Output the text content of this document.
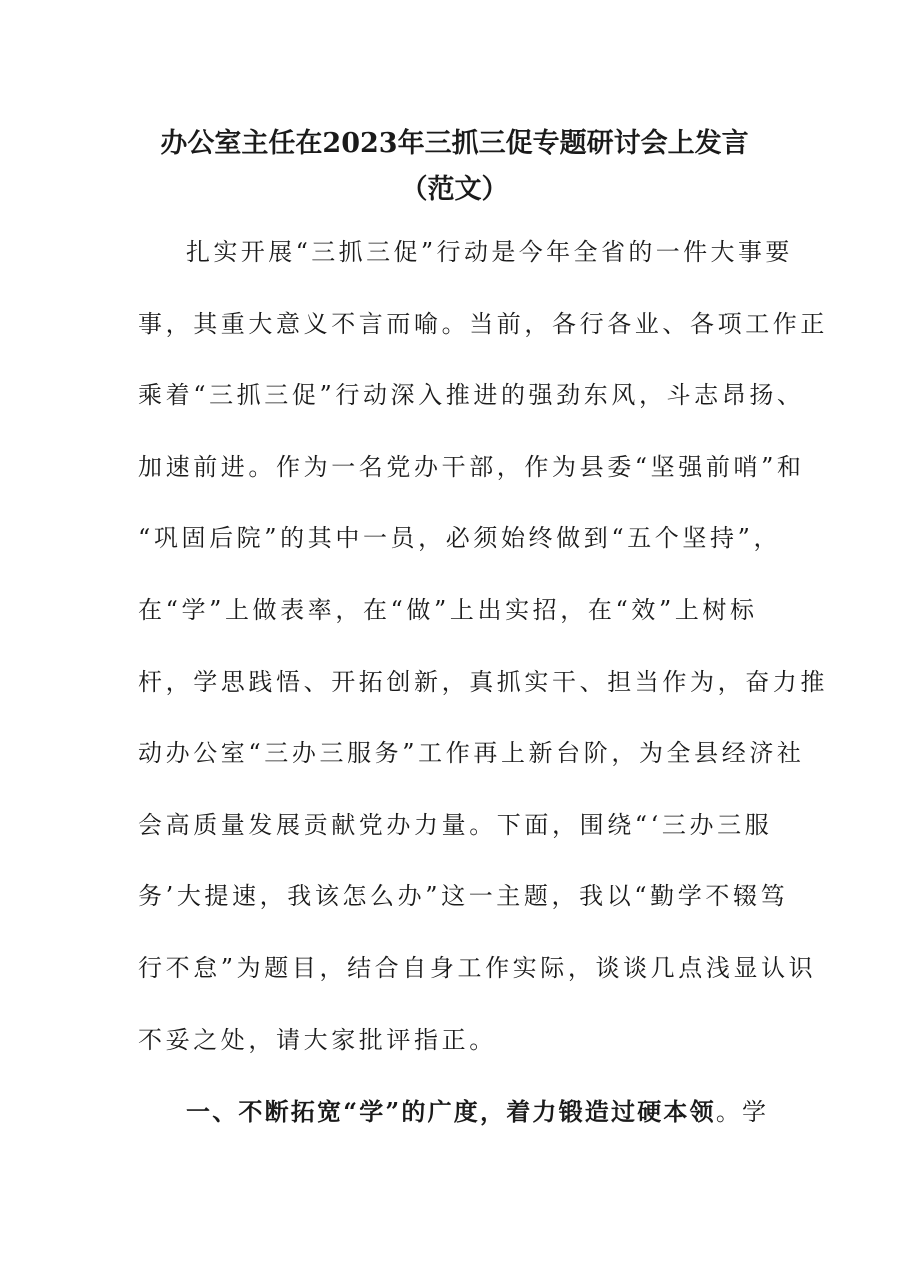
办公室主任在2023年三抓三促专题研讨会上发言
（范文）
扎实开展“三抓三促”行动是今年全省的一件大事要
事，其重大意义不言而喻。当前，各行各业、各项工作正
乘着“三抓三促”行动深入推进的强劲东风，斗志昂扬、
加速前进。作为一名党办干部，作为县委“坚强前哨”和
“巩固后院”的其中一员，必须始终做到“五个坚持”，
在“学”上做表率，在“做”上出实招，在“效”上树标
杆，学思践悟、开拓创新，真抓实干、担当作为，奋力推
动办公室“三办三服务”工作再上新台阶，为全县经济社
会高质量发展贡献党办力量。下面，围绕“‘三办三服
务’大提速，我该怎么办”这一主题，我以“勤学不辍笃
行不怠”为题目，结合自身工作实际，谈谈几点浅显认识
不妥之处，请大家批评指正。
一、不断拓宽“学”的广度，着力锻造过硬本领。学
